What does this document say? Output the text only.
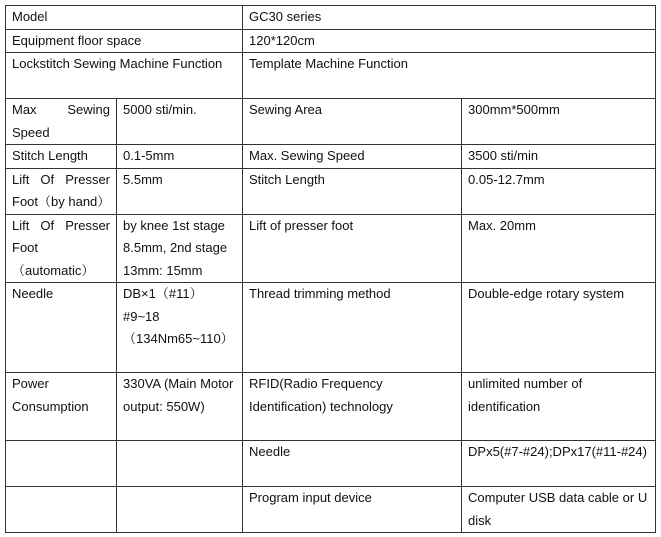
Model		GC30 series	
Equipment floor space		120*120cm	
Lockstitch Sewing Machine Function		Template Machine Function	
Max Sewing Speed	5000 sti/min.	Sewing Area	300mm*500mm
Stitch Length	0.1-5mm	Max. Sewing Speed	3500 sti/min
Lift Of Presser Foot（by hand）	5.5mm	Stitch Length	0.05-12.7mm
Lift Of Presser Foot （automatic）	by knee 1st stage 8.5mm, 2nd stage 13mm: 15mm	Lift of presser foot	Max. 20mm
Needle	DB×1（#11） #9~18 （134Nm65~110）	Thread trimming method	Double-edge rotary system
Power Consumption	330VA (Main Motor output: 550W)	RFID(Radio Frequency Identification) technology	unlimited number of identification
		Needle	DPx5(#7-#24);DPx17(#11-#24)
		Program input device	Computer USB data cable or U disk
